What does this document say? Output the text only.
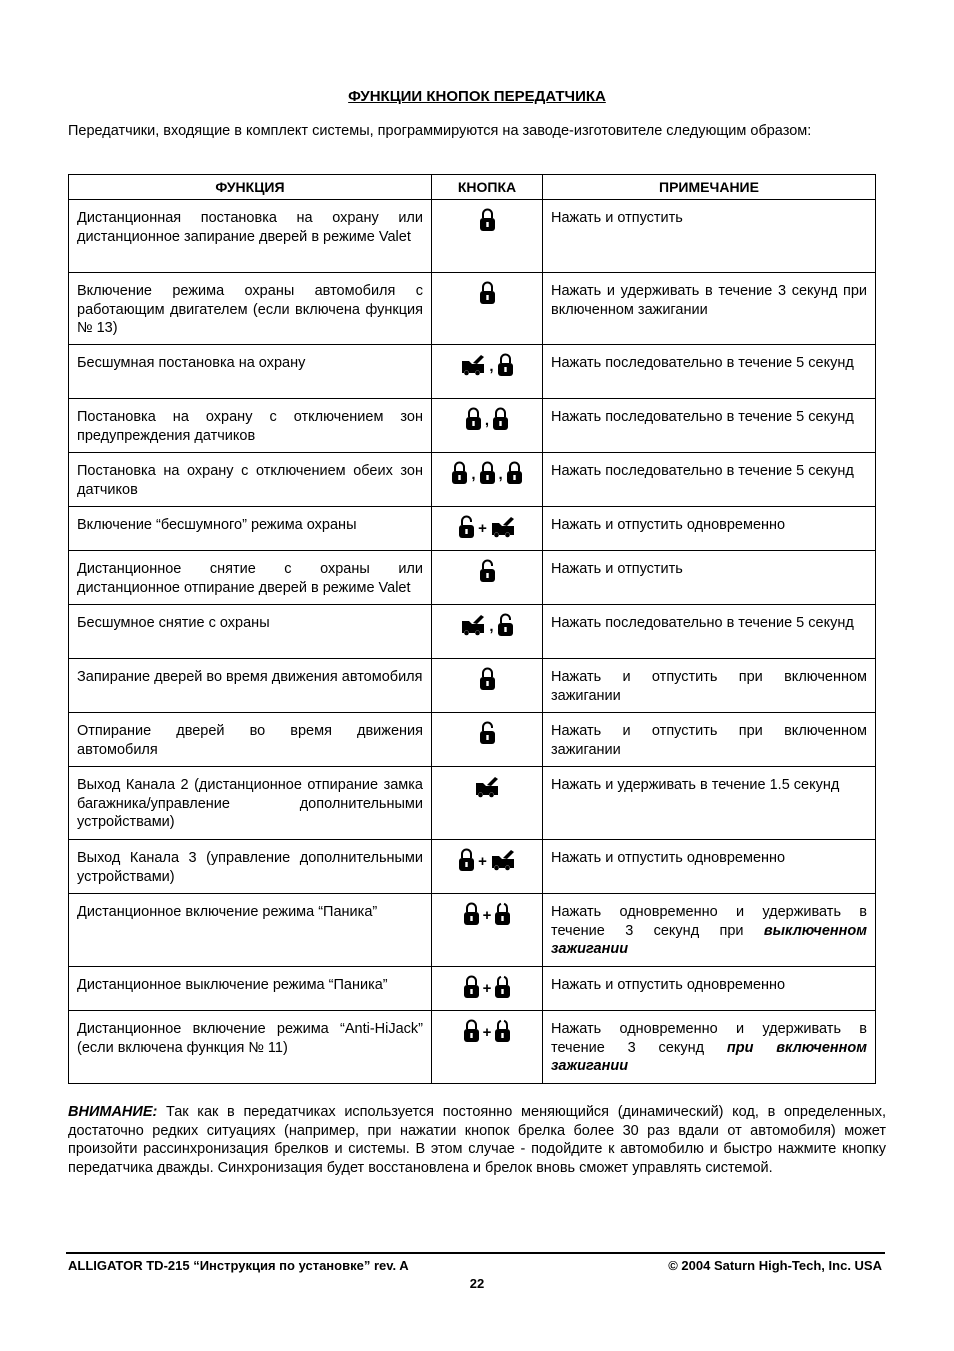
ФУНКЦИИ КНОПОК ПЕРЕДАТЧИКА
Передатчики, входящие в комплект системы, программируются на заводе-изготовителе следующим образом:
ФУНКЦИЯ	КНОПКА	ПРИМЕЧАНИЕ
Дистанционная постановка на охрану или дистанционное запирание дверей в режиме Valet		Нажать и отпустить
Включение режима охраны автомобиля с работающим двигателем (если включена функция № 13)		Нажать и удерживать в течение 3 секунд при включенном зажигании
Бесшумная постановка на охрану	,	Нажать последовательно в течение 5 секунд
Постановка на охрану с отключением зон предупреждения датчиков	,	Нажать последовательно в течение 5 секунд
Постановка на охрану с отключением обеих зон датчиков	, ,	Нажать последовательно в течение 5 секунд
Включение “бесшумного” режима охраны	+	Нажать и отпустить одновременно
Дистанционное снятие с охраны или дистанционное отпирание дверей в режиме Valet		Нажать и отпустить
Бесшумное снятие с охраны	,	Нажать последовательно в течение 5 секунд
Запирание дверей во время движения автомобиля		Нажать и отпустить при включенном зажигании
Отпирание дверей во время движения автомобиля		Нажать и отпустить при включенном зажигании
Выход Канала 2 (дистанционное отпирание замка багажника/управление дополнительными устройствами)		Нажать и удерживать в течение 1.5 секунд
Выход Канала 3 (управление дополнительными устройствами)	+	Нажать и отпустить одновременно
Дистанционное включение режима “Паника”	+	Нажать одновременно и удерживать в течение 3 секунд при выключенном зажигании
Дистанционное выключение режима “Паника”	+	Нажать и отпустить одновременно
Дистанционное включение режима “Anti-HiJack” (если включена функция № 11)	+	Нажать одновременно и удерживать в течение 3 секунд при включенном зажигании
ВНИМАНИЕ: Так как в передатчиках используется постоянно меняющийся (динамический) код, в определенных, достаточно редких ситуациях (например, при нажатии кнопок брелка более 30 раз вдали от автомобиля) может произойти рассинхронизация брелков и системы. В этом случае - подойдите к автомобилю и быстро нажмите кнопку передатчика дважды. Синхронизация будет восстановлена и брелок вновь сможет управлять системой.
ALLIGATOR TD-215 “Инструкция по установке” rev. A	© 2004 Saturn High-Tech, Inc. USA
22
